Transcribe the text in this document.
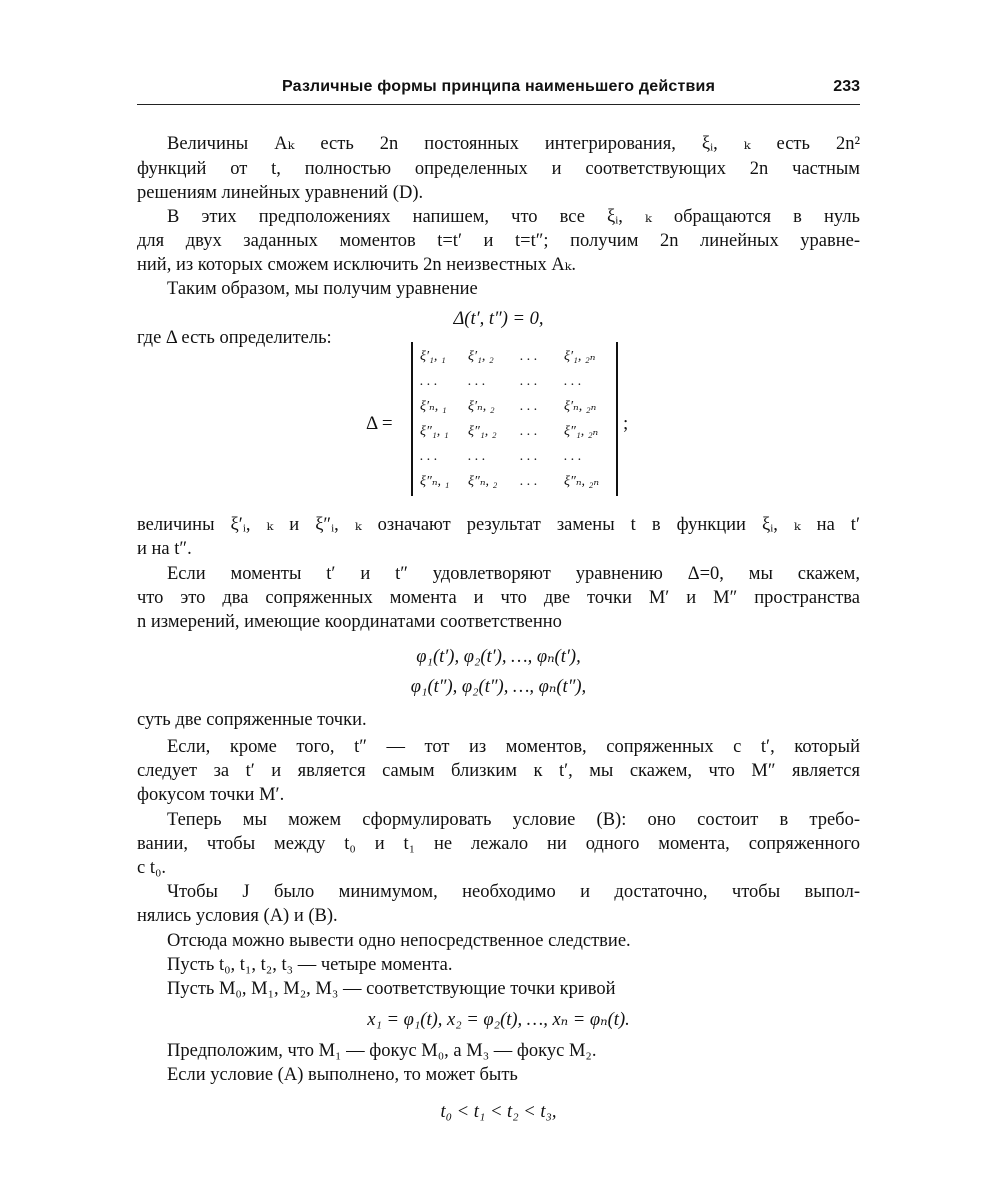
Различные формы принципа наименьшего действия	233
Величины Aₖ есть 2n постоянных интегрирования, ξᵢ, ₖ есть 2n²
функций от t, полностью определенных и соответствующих 2n частным
решениям линейных уравнений (D).
В этих предположениях напишем, что все ξᵢ, ₖ обращаются в нуль
для двух заданных моментов t=t′ и t=t″; получим 2n линейных уравне-
ний, из которых сможем исключить 2n неизвестных Aₖ.
Таким образом, мы получим уравнение
Δ(t′, t″) = 0,
где Δ есть определитель:
Δ =
ξ′₁, ₁	ξ′₁, ₂	. . .	ξ′₁, ₂ₙ
. . .	. . .	. . .	. . .
ξ′ₙ, ₁	ξ′ₙ, ₂	. . .	ξ′ₙ, ₂ₙ
ξ″₁, ₁	ξ″₁, ₂	. . .	ξ″₁, ₂ₙ
. . .	. . .	. . .	. . .
ξ″ₙ, ₁	ξ″ₙ, ₂	. . .	ξ″ₙ, ₂ₙ
;
величины ξ′ᵢ, ₖ и ξ″ᵢ, ₖ означают результат замены t в функции ξᵢ, ₖ на t′
и на t″.
Если моменты t′ и t″ удовлетворяют уравнению Δ=0, мы скажем,
что это два сопряженных момента и что две точки M′ и M″ пространства
n измерений, имеющие координатами соответственно
φ₁(t′), φ₂(t′), …, φₙ(t′),
φ₁(t″), φ₂(t″), …, φₙ(t″),
суть две сопряженные точки.
Если, кроме того, t″ — тот из моментов, сопряженных с t′, который
следует за t′ и является самым близким к t′, мы скажем, что M″ является
фокусом точки M′.
Теперь мы можем сформулировать условие (B): оно состоит в требо-
вании, чтобы между t₀ и t₁ не лежало ни одного момента, сопряженного
с t₀.
Чтобы J было минимумом, необходимо и достаточно, чтобы выпол-
нялись условия (A) и (B).
Отсюда можно вывести одно непосредственное следствие.
Пусть t₀, t₁, t₂, t₃ — четыре момента.
Пусть M₀, M₁, M₂, M₃ — соответствующие точки кривой
x₁ = φ₁(t), x₂ = φ₂(t), …, xₙ = φₙ(t).
Предположим, что M₁ — фокус M₀, а M₃ — фокус M₂.
Если условие (A) выполнено, то может быть
t₀ < t₁ < t₂ < t₃,
